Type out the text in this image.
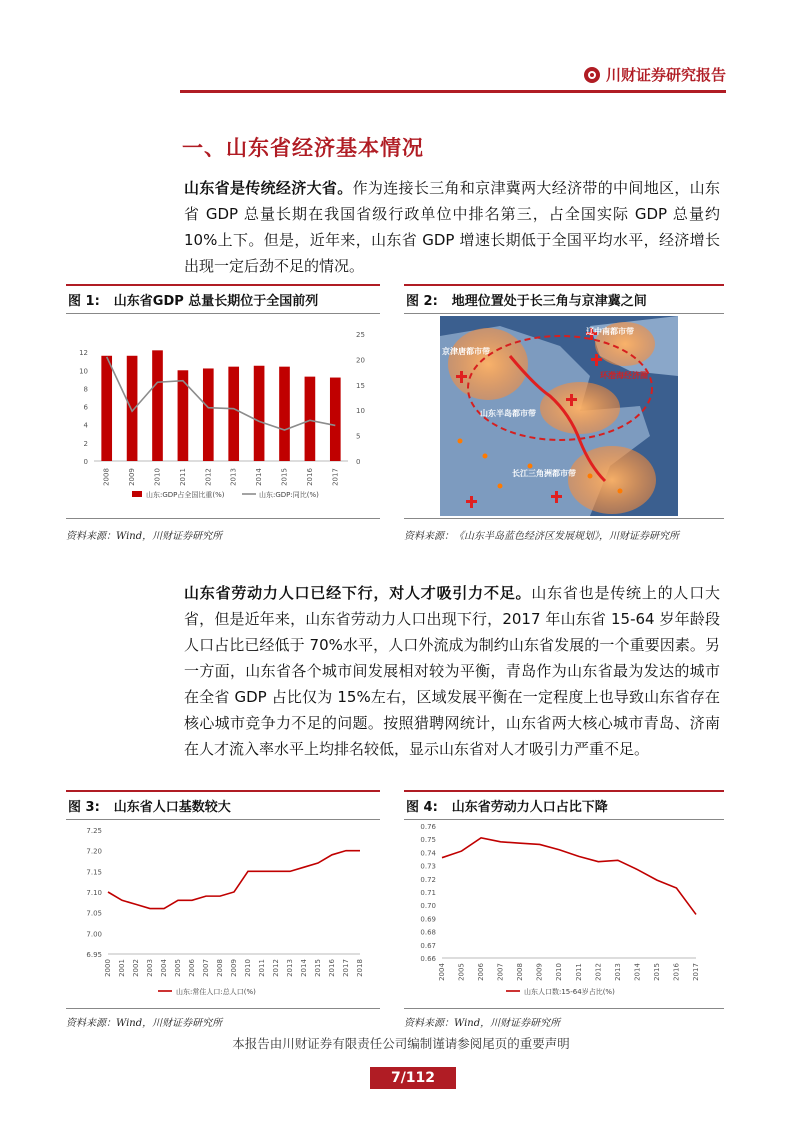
川财证券研究报告
一、山东省经济基本情况

山东省是传统经济大省。作为连接长三角和京津冀两大经济带的中间地区，山东省 GDP 总量长期在我国省级行政单位中排名第三，占全国实际 GDP 总量约 10%上下。但是，近年来，山东省 GDP 增速长期低于全国平均水平，经济增长出现一定后劲不足的情况。

图 1: 山东省GDP 总量长期位于全国前列
0
2
4
6
8
10
12
0
5
10
15
20
25
2008 2009 2010 2011 2012 2013 2014 2015 2016 2017
山东:GDP占全国比重(%)	山东:GDP:同比(%)
资料来源：Wind，川财证券研究所
图 2: 地理位置处于长三角与京津冀之间
辽中南都市带
京津唐都市带
环渤海经济圈
山东半岛都市带
长江三角洲都市带
资料来源：《山东半岛蓝色经济区发展规划》，川财证券研究所

山东省劳动力人口已经下行，对人才吸引力不足。山东省也是传统上的人口大省，但是近年来，山东省劳动力人口出现下行，2017 年山东省 15-64 岁年龄段人口占比已经低于 70%水平，人口外流成为制约山东省发展的一个重要因素。另一方面，山东省各个城市间发展相对较为平衡，青岛作为山东省最为发达的城市在全省 GDP 占比仅为 15%左右，区域发展平衡在一定程度上也导致山东省存在核心城市竞争力不足的问题。按照猎聘网统计，山东省两大核心城市青岛、济南在人才流入率水平上均排名较低，显示山东省对人才吸引力严重不足。

图 3: 山东省人口基数较大
6.95
7.00
7.05
7.10
7.15
7.20
7.25
2000 2001 2002 2003 2004 2005 2006 2007 2008 2009 2010 2011 2012 2013 2014 2015 2016 2017 2018
山东:常住人口:总人口(%)
资料来源：Wind，川财证券研究所
图 4: 山东省劳动力人口占比下降
0.66
0.67
0.68
0.69
0.70
0.71
0.72
0.73
0.74
0.75
0.76
2004 2005 2006 2007 2008 2009 2010 2011 2012 2013 2014 2015 2016 2017
山东人口数:15-64岁占比(%)
资料来源：Wind，川财证券研究所
本报告由川财证券有限责任公司编制谨请参阅尾页的重要声明
7/112
